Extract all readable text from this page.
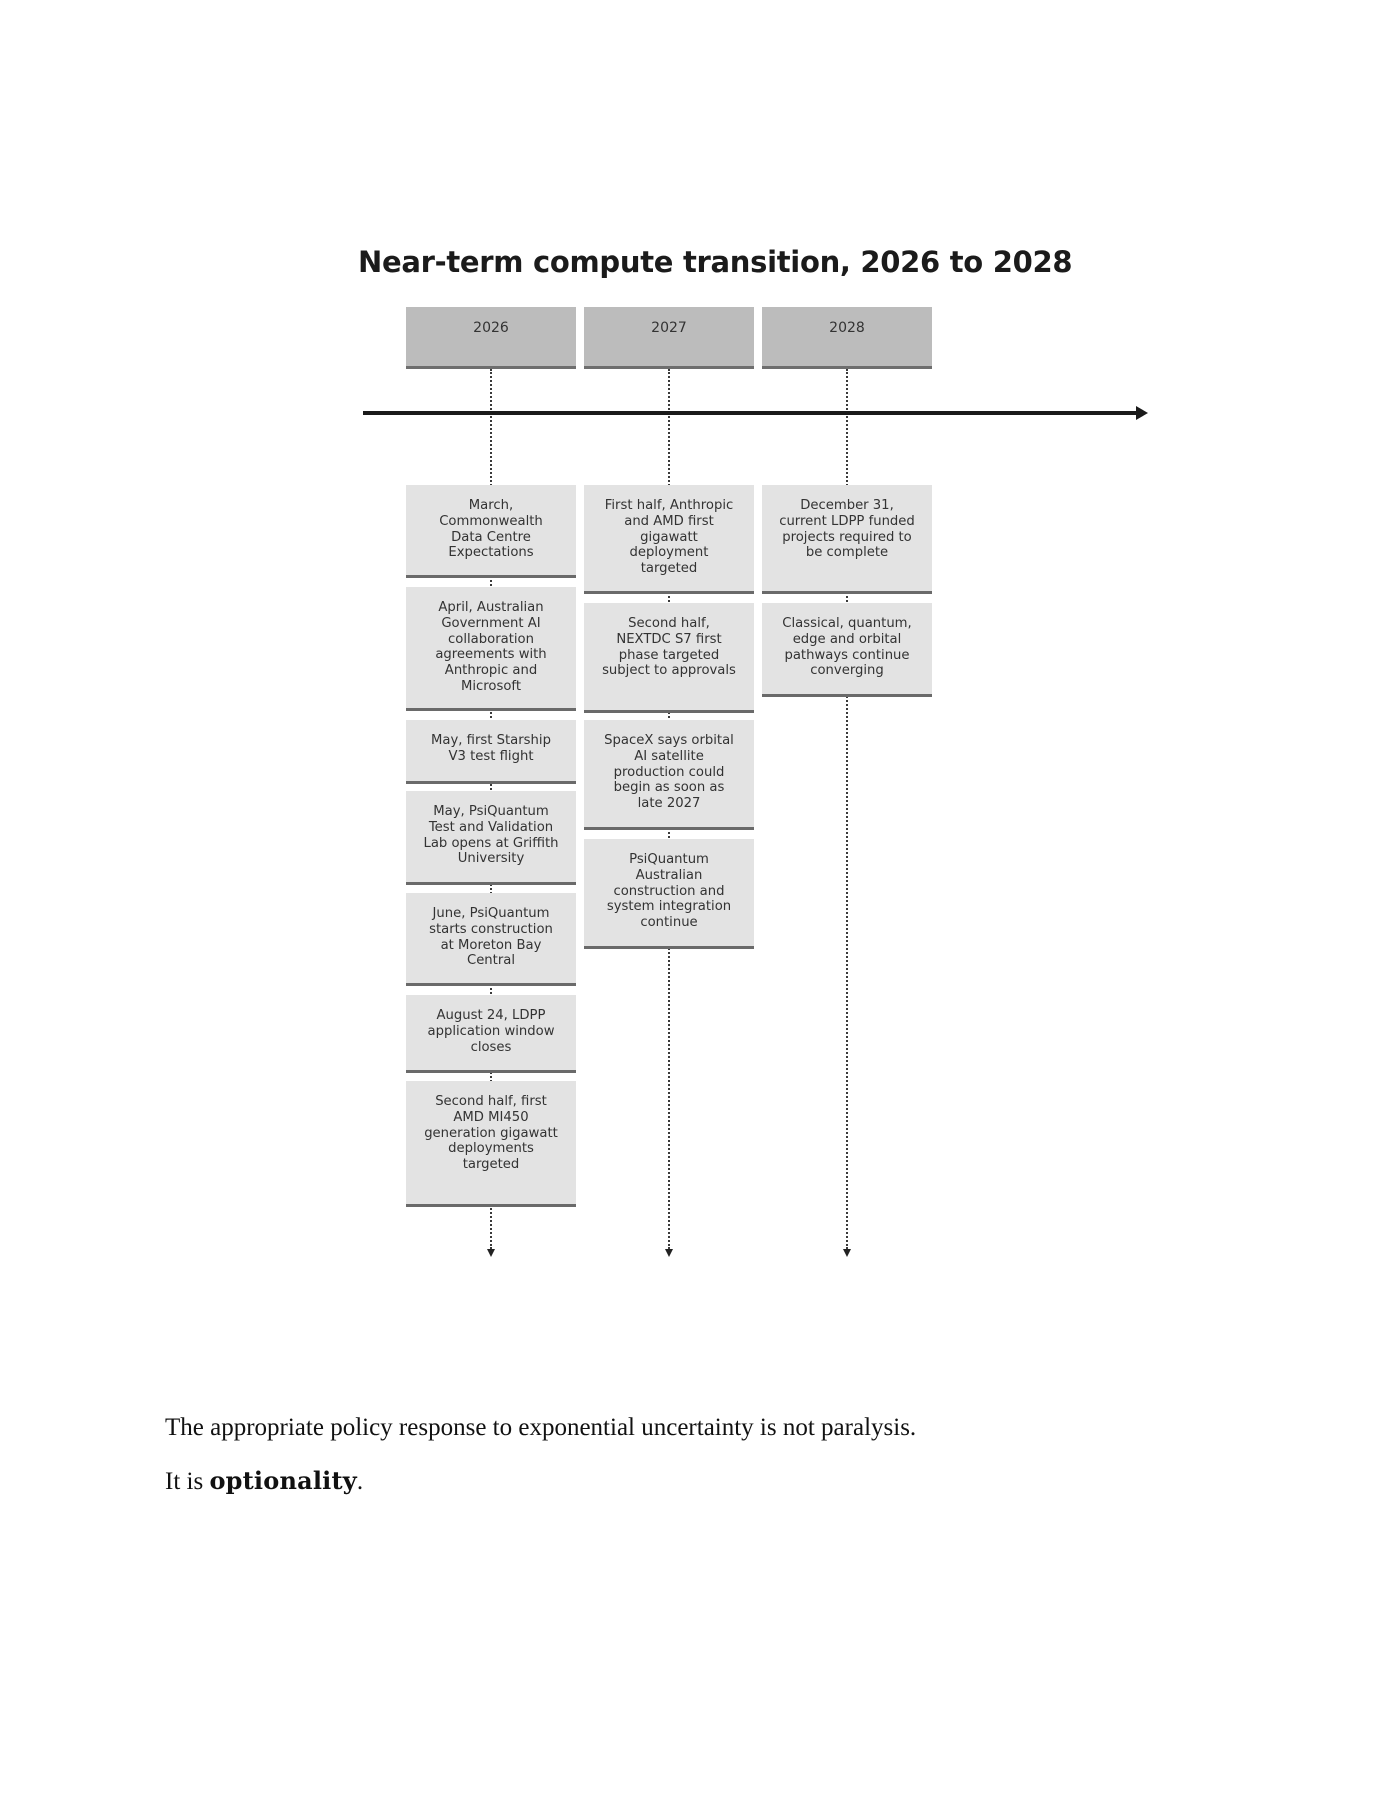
Near-term compute transition, 2026 to 2028
2026	2027	2028
March, Commonwealth Data Centre Expectations
April, Australian Government AI collaboration agreements with Anthropic and Microsoft
May, first Starship V3 test flight
May, PsiQuantum Test and Validation Lab opens at Griffith University
June, PsiQuantum starts construction at Moreton Bay Central
August 24, LDPP application window closes
Second half, first AMD MI450 generation gigawatt deployments targeted
First half, Anthropic and AMD first gigawatt deployment targeted
Second half, NEXTDC S7 first phase targeted subject to approvals
SpaceX says orbital AI satellite production could begin as soon as late 2027
PsiQuantum Australian construction and system integration continue
December 31, current LDPP funded projects required to be complete
Classical, quantum, edge and orbital pathways continue converging
The appropriate policy response to exponential uncertainty is not paralysis.
It is optionality.
